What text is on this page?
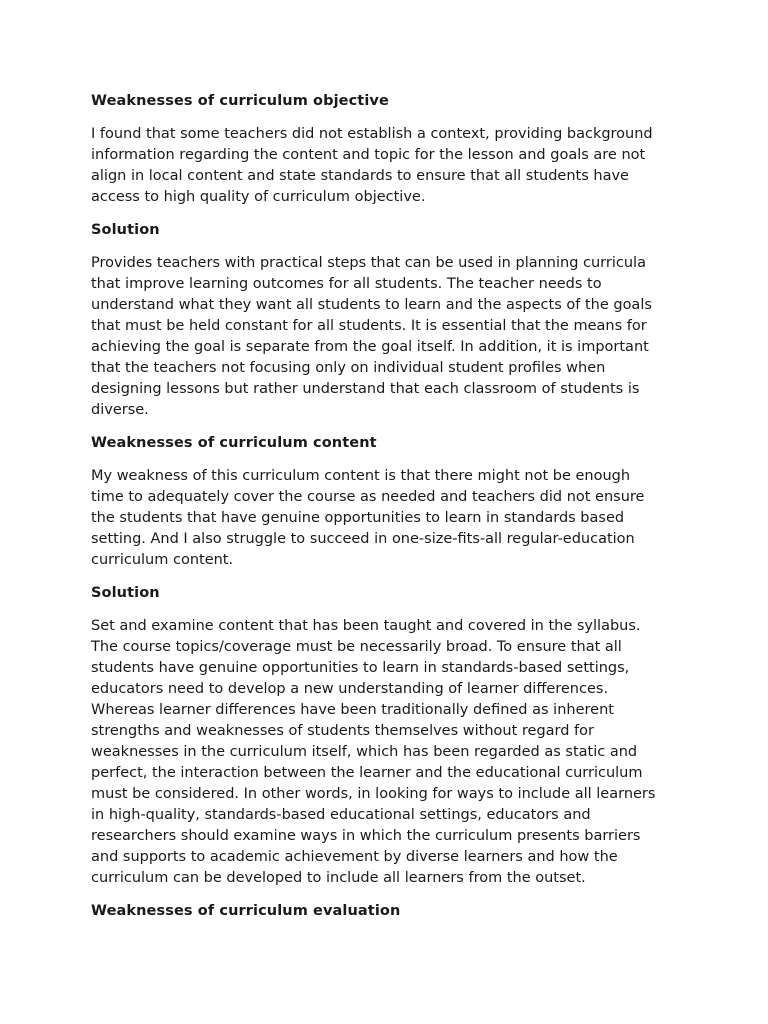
Weaknesses of curriculum objective

I found that some teachers did not establish a context, providing background
information regarding the content and topic for the lesson and goals are not
align in local content and state standards to ensure that all students have
access to high quality of curriculum objective.

Solution

Provides teachers with practical steps that can be used in planning curricula
that improve learning outcomes for all students. The teacher needs to
understand what they want all students to learn and the aspects of the goals
that must be held constant for all students. It is essential that the means for
achieving the goal is separate from the goal itself. In addition, it is important
that the teachers not focusing only on individual student profiles when
designing lessons but rather understand that each classroom of students is
diverse.

Weaknesses of curriculum content

My weakness of this curriculum content is that there might not be enough
time to adequately cover the course as needed and teachers did not ensure
the students that have genuine opportunities to learn in standards based
setting. And I also struggle to succeed in one-size-fits-all regular-education
curriculum content.

Solution

Set and examine content that has been taught and covered in the syllabus.
The course topics/coverage must be necessarily broad. To ensure that all
students have genuine opportunities to learn in standards-based settings,
educators need to develop a new understanding of learner differences.
Whereas learner differences have been traditionally defined as inherent
strengths and weaknesses of students themselves without regard for
weaknesses in the curriculum itself, which has been regarded as static and
perfect, the interaction between the learner and the educational curriculum
must be considered. In other words, in looking for ways to include all learners
in high-quality, standards-based educational settings, educators and
researchers should examine ways in which the curriculum presents barriers
and supports to academic achievement by diverse learners and how the
curriculum can be developed to include all learners from the outset.

Weaknesses of curriculum evaluation
